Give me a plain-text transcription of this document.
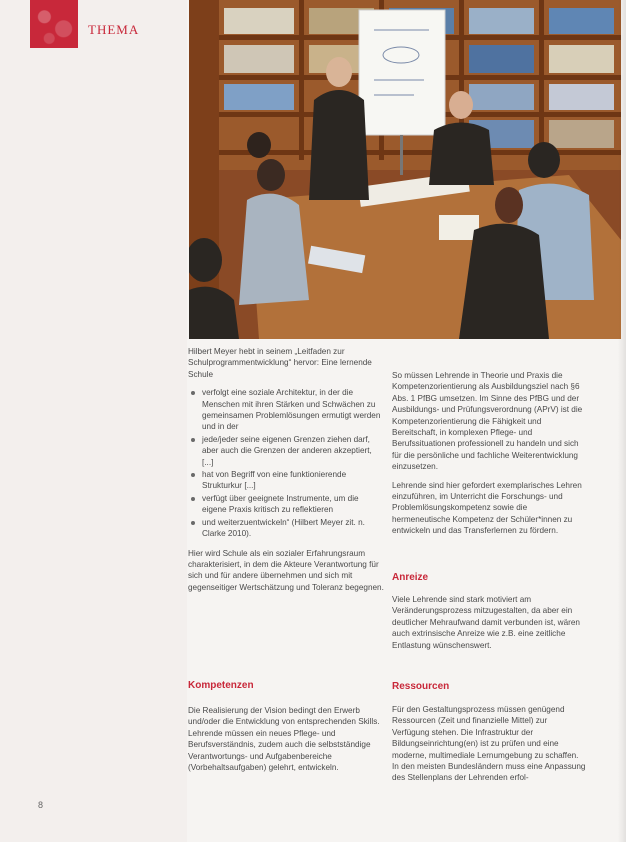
THEMA

Hilbert Meyer hebt in seinem „Leitfaden zur Schulprogrammentwicklung“ hervor: Eine lernende Schule

verfolgt eine soziale Architektur, in der die Menschen mit ihren Stärken und Schwächen zu gemeinsamen Problemlösungen ermutigt werden und in der
jede/jeder seine eigenen Grenzen ziehen darf, aber auch die Grenzen der anderen akzeptiert, [...]
hat von Begriff von eine funktionierende Strukturkur [...]
verfügt über geeignete Instrumente, um die eigene Praxis kritisch zu reflektieren
und weiterzuentwickeln“ (Hilbert Meyer zit. n. Clarke 2010).

Hier wird Schule als ein sozialer Erfahrungsraum charakterisiert, in dem die Akteure Verantwortung für sich und für andere übernehmen und sich mit gegenseitiger Wertschätzung und Toleranz begegnen.

So müssen Lehrende in Theorie und Praxis die Kompetenzorientierung als Ausbildungsziel nach §6 Abs. 1 PfBG umsetzen. Im Sinne des PfBG und der Ausbildungs- und Prüfungsverordnung (APrV) ist die Kompetenzorientierung die Fähigkeit und Bereitschaft, in komplexen Pflege- und Berufssituationen professionell zu handeln und sich für die persönliche und fachliche Weiterentwicklung einzusetzen.

Lehrende sind hier gefordert exemplarisches Lehren einzuführen, im Unterricht die Forschungs- und Problemlösungskompetenz sowie die hermeneutische Kompetenz der Schüler*innen zu entwickeln und das Transferlernen zu fördern.

Anreize

Viele Lehrende sind stark motiviert am Veränderungsprozess mitzugestalten, da aber ein deutlicher Mehraufwand damit verbunden ist, wären auch extrinsische Anreize wie z.B. eine zeitliche Entlastung wünschenswert.

Kompetenzen

Die Realisierung der Vision bedingt den Erwerb und/oder die Entwicklung von entsprechenden Skills. Lehrende müssen ein neues Pflege- und Berufsverständnis, zudem auch die selbstständige Verantwortungs- und Aufgabenbereiche (Vorbehaltsaufgaben) gelehrt, entwickeln.

Ressourcen

Für den Gestaltungsprozess müssen genügend Ressourcen (Zeit und finanzielle Mittel) zur Verfügung stehen. Die Infrastruktur der Bildungseinrichtung(en) ist zu prüfen und eine moderne, multimediale Lernumgebung zu schaffen. In den meisten Bundesländern muss eine Anpassung des Stellenplans der Lehrenden erfol-

8
